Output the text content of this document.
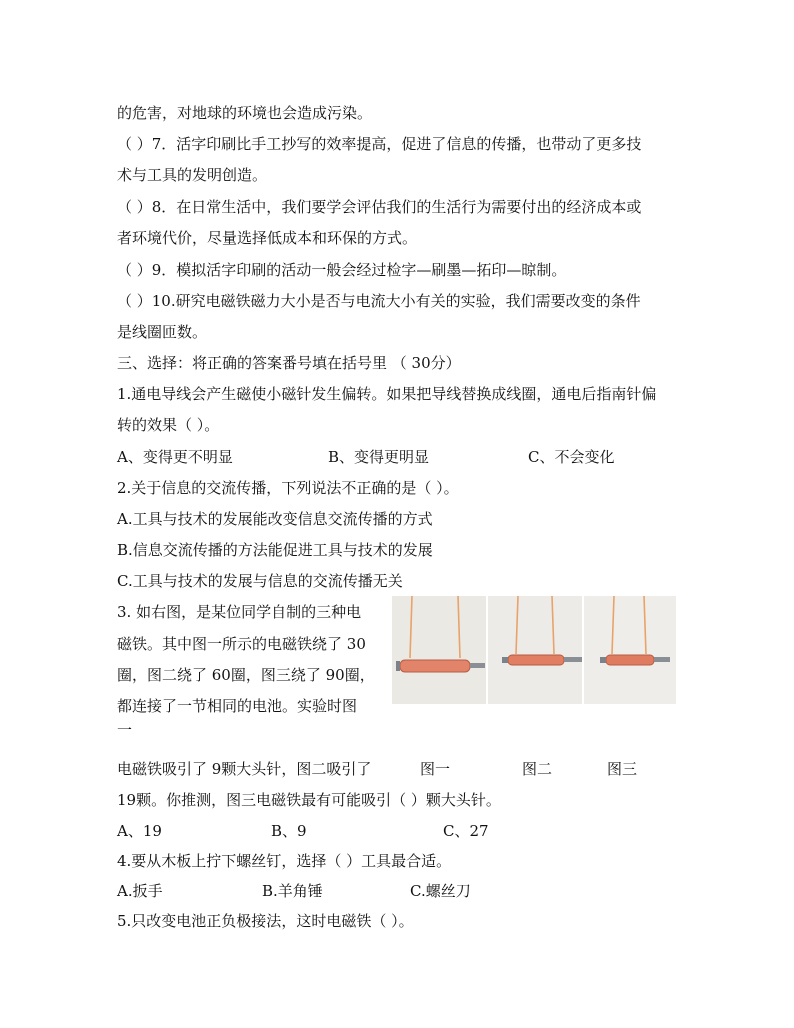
的危害，对地球的环境也会造成污染。
（ ）7．活字印刷比手工抄写的效率提高，促进了信息的传播，也带动了更多技
术与工具的发明创造。
（ ）8．在日常生活中，我们要学会评估我们的生活行为需要付出的经济成本或
者环境代价，尽量选择低成本和环保的方式。
（ ）9．模拟活字印刷的活动一般会经过检字—刷墨—拓印—晾制。
（ ）10.研究电磁铁磁力大小是否与电流大小有关的实验，我们需要改变的条件
是线圈匝数。
三、选择：将正确的答案番号填在括号里 （ 30分）
1.通电导线会产生磁使小磁针发生偏转。如果把导线替换成线圈，通电后指南针偏
转的效果（ ）。
A、变得更不明显	B、变得更明显	C、不会变化
2.关于信息的交流传播，下列说法不正确的是（ ）。
A.工具与技术的发展能改变信息交流传播的方式
B.信息交流传播的方法能促进工具与技术的发展
C.工具与技术的发展与信息的交流传播无关
3. 如右图，是某位同学自制的三种电
磁铁。其中图一所示的电磁铁绕了 30
圈，图二绕了 60圈，图三绕了 90圈，
都连接了一节相同的电池。实验时图
一
电磁铁吸引了 9颗大头针，图二吸引了	图一	图二	图三
19颗。你推测，图三电磁铁最有可能吸引（ ）颗大头针。
A、19	B、9	C、27
4.要从木板上拧下螺丝钉，选择（ ）工具最合适。
A.扳手	B.羊角锤	C.螺丝刀
5.只改变电池正负极接法，这时电磁铁（ ）。
